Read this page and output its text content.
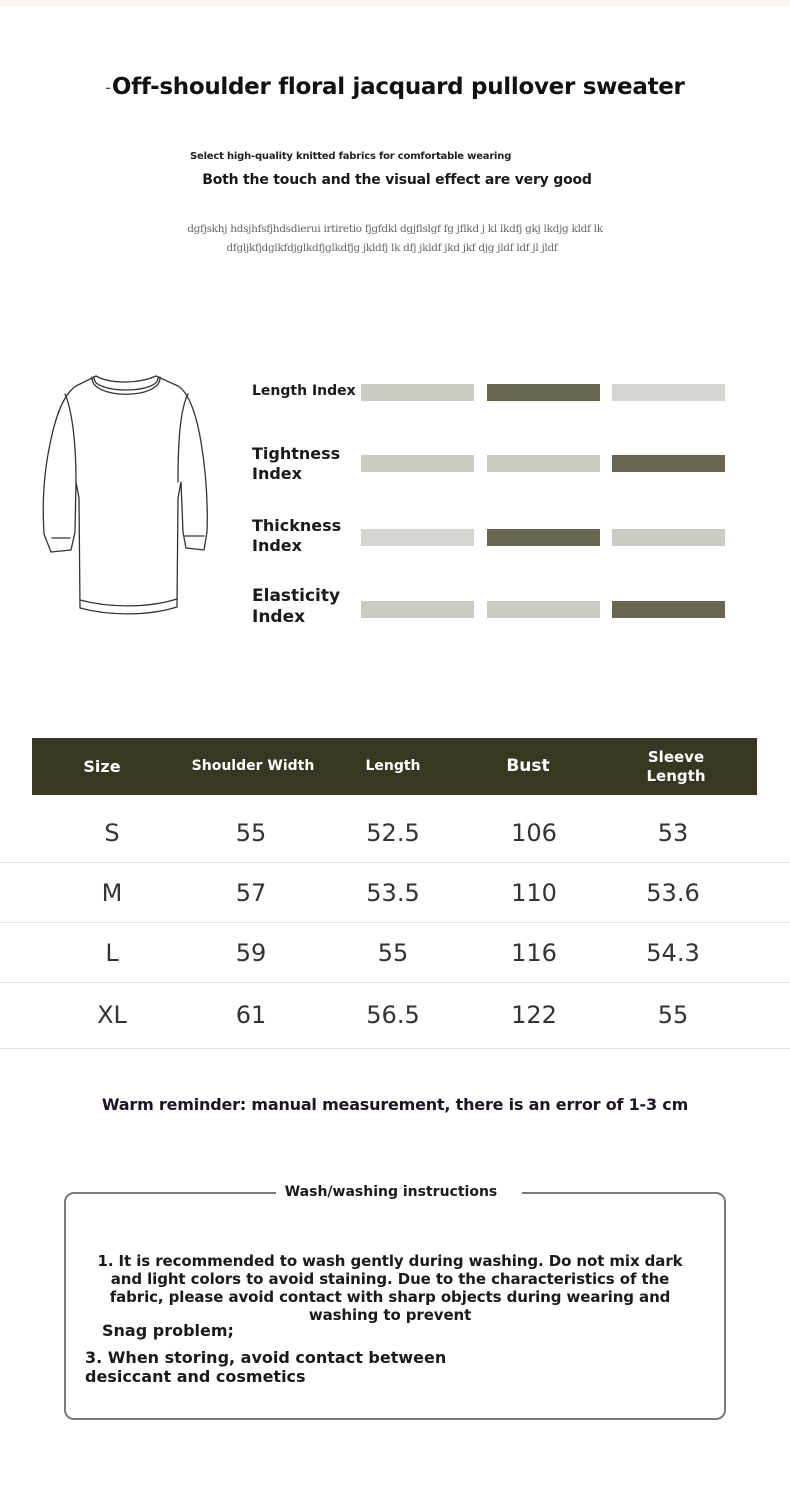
-Off-shoulder floral jacquard pullover sweater
Select high-quality knitted fabrics for comfortable wearing
Both the touch and the visual effect are very good
dgfjskhj hdsjhfsfjhdsdierui irtiretio fjgfdkl dgjflslgf fg jflkd j kl lkdfj gkj lkdjg kldf lk
dfgljkfjdglkfdjglkdfjglkdfjg jkldfj lk dfj jkldf jkd jkf djg jldf ldf jl jldf
Length Index
Tightness Index
Thickness Index
Elasticity Index
Size	Shoulder Width	Length	Bust	Sleeve Length
S	55	52.5	106	53
M	57	53.5	110	53.6
L	59	55	116	54.3
XL	61	56.5	122	55
Warm reminder: manual measurement, there is an error of 1-3 cm
Wash/washing instructions
1. It is recommended to wash gently during washing. Do not mix dark and light colors to avoid staining. Due to the characteristics of the fabric, please avoid contact with sharp objects during wearing and washing to prevent
Snag problem;
3. When storing, avoid contact between desiccant and cosmetics
